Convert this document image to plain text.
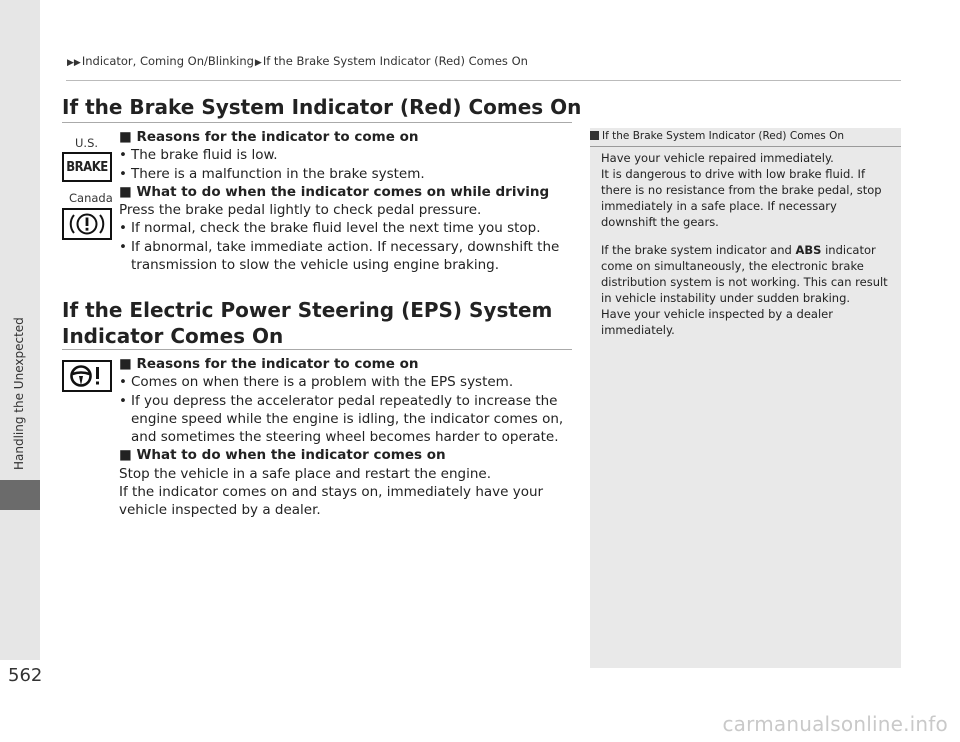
▶▶Indicator, Coming On/Blinking▶If the Brake System Indicator (Red) Comes On
Handling the Unexpected
562
If the Brake System Indicator (Red) Comes On
U.S.
BRAKE
Canada

■ Reasons for the indicator to come on

• The brake fluid is low.
• There is a malfunction in the brake system.

■ What to do when the indicator comes on while driving

Press the brake pedal lightly to check pedal pressure.

• If normal, check the brake fluid level the next time you stop.
• If abnormal, take immediate action. If necessary, downshift the transmission to slow the vehicle using engine braking.
If the Electric Power Steering (EPS) System Indicator Comes On

■ Reasons for the indicator to come on

• Comes on when there is a problem with the EPS system.
• If you depress the accelerator pedal repeatedly to increase the engine speed while the engine is idling, the indicator comes on, and sometimes the steering wheel becomes harder to operate.

■ What to do when the indicator comes on

Stop the vehicle in a safe place and restart the engine.

If the indicator comes on and stays on, immediately have your vehicle inspected by a dealer.

If the Brake System Indicator (Red) Comes On

Have your vehicle repaired immediately.

It is dangerous to drive with low brake fluid. If there is no resistance from the brake pedal, stop immediately in a safe place. If necessary downshift the gears.

If the brake system indicator and ABS indicator come on simultaneously, the electronic brake distribution system is not working. This can result in vehicle instability under sudden braking.

Have your vehicle inspected by a dealer immediately.

carmanualsonline.info
